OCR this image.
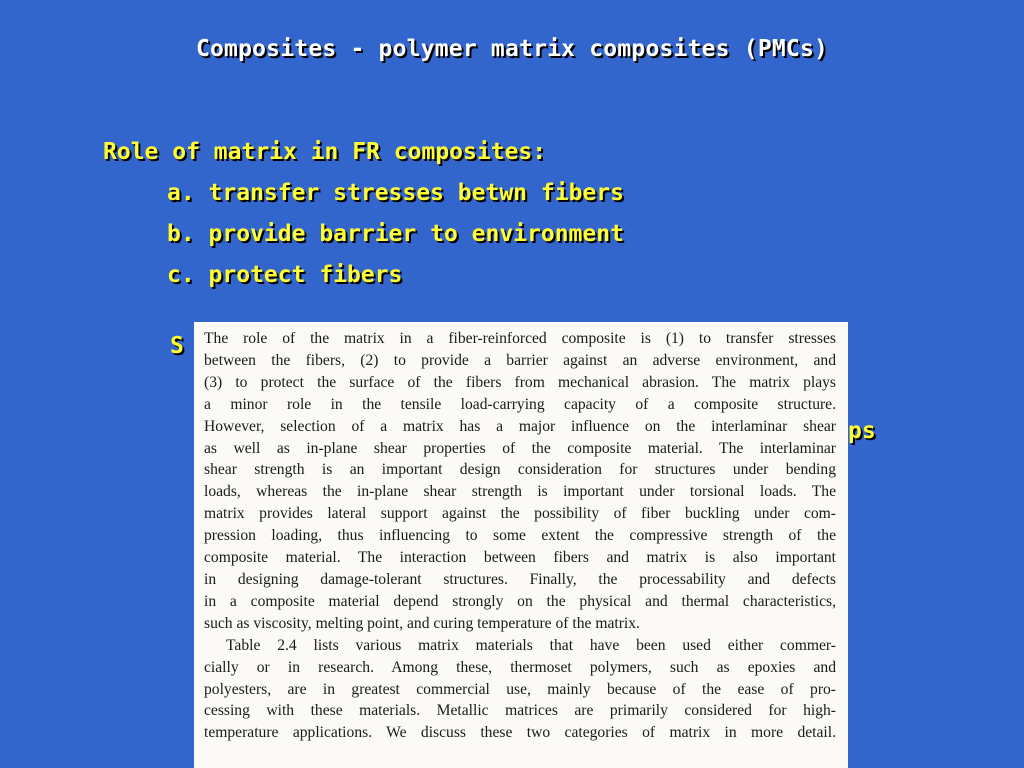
Composites - polymer matrix composites (PMCs)
Role of matrix in FR composites:
a. transfer stresses betwn fibers
b. provide barrier to environment
c. protect fibers
S
ps
The role of the matrix in a fiber-reinforced composite is (1) to transfer stresses
between the fibers, (2) to provide a barrier against an adverse environment, and
(3) to protect the surface of the fibers from mechanical abrasion. The matrix plays
a minor role in the tensile load-carrying capacity of a composite structure.
However, selection of a matrix has a major influence on the interlaminar shear
as well as in-plane shear properties of the composite material. The interlaminar
shear strength is an important design consideration for structures under bending
loads, whereas the in-plane shear strength is important under torsional loads. The
matrix provides lateral support against the possibility of fiber buckling under com-
pression loading, thus influencing to some extent the compressive strength of the
composite material. The interaction between fibers and matrix is also important
in designing damage-tolerant structures. Finally, the processability and defects
in a composite material depend strongly on the physical and thermal characteristics,
such as viscosity, melting point, and curing temperature of the matrix.
Table 2.4 lists various matrix materials that have been used either commer-
cially or in research. Among these, thermoset polymers, such as epoxies and
polyesters, are in greatest commercial use, mainly because of the ease of pro-
cessing with these materials. Metallic matrices are primarily considered for high-
temperature applications. We discuss these two categories of matrix in more detail.
